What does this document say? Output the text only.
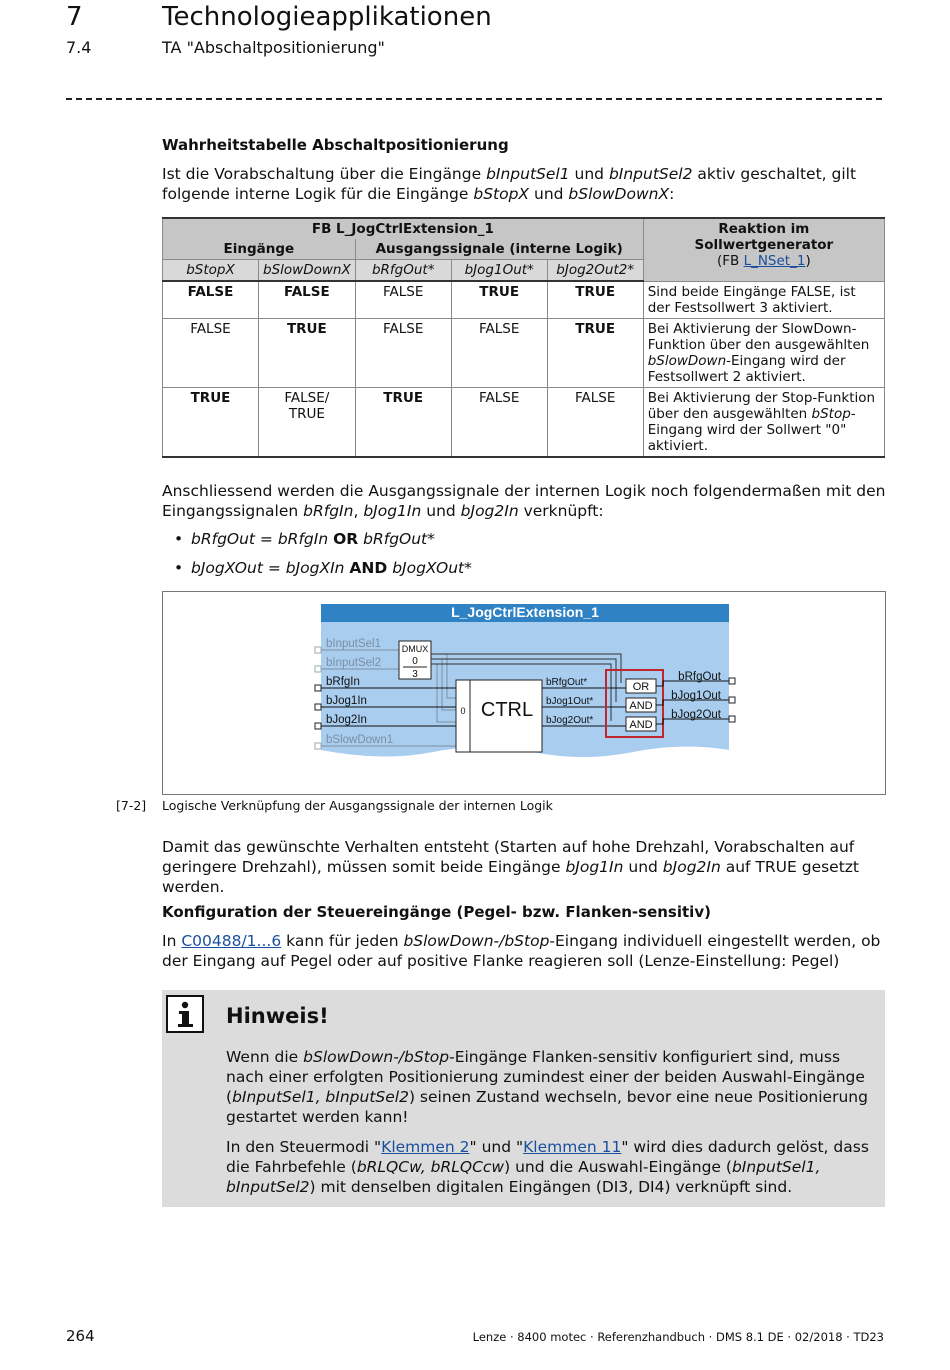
7	Technologieapplikationen
7.4	TA "Abschaltpositionierung"
Wahrheitstabelle Abschaltpositionierung
Ist die Vorabschaltung über die Eingänge bInputSel1 und bInputSel2 aktiv geschaltet, gilt folgende interne Logik für die Eingänge bStopX und bSlowDownX:
FB L_JogCtrlExtension_1					Reaktion im Sollwertgenerator
(FB L_NSet_1)

Eingänge		Ausgangssignale (interne Logik)			
bStopX	bSlowDownX	bRfgOut*	bJog1Out*	bJog2Out2*	
FALSE	FALSE	FALSE	TRUE	TRUE	Sind beide Eingänge FALSE, ist der Festsollwert 3 aktiviert.
FALSE	TRUE	FALSE	FALSE	TRUE	Bei Aktivierung der SlowDown-Funktion über den ausgewählten bSlowDown-Eingang wird der Festsollwert 2 aktiviert.
TRUE	FALSE/ TRUE	TRUE	FALSE	FALSE	Bei Aktivierung der Stop-Funktion über den ausgewählten bStop-Eingang wird der Sollwert "0" aktiviert.
Anschliessend werden die Ausgangssignale der internen Logik noch folgendermaßen mit den Eingangssignalen bRfgIn, bJog1In und bJog2In verknüpft:
• bRfgOut = bRfgIn OR bRfgOut*
• bJogXOut = bJogXIn AND bJogXOut*
L_JogCtrlExtension_1
bInputSel1
bInputSel2
bRfgIn
bJog1In
bJog2In
bSlowDown1
DMUX
0
3
0 CTRL
bRfgOut*
bJog1Out*
bJog2Out*
OR
AND
AND
bRfgOut
bJog1Out
bJog2Out
[7-2] Logische Verknüpfung der Ausgangssignale der internen Logik
Damit das gewünschte Verhalten entsteht (Starten auf hohe Drehzahl, Vorabschalten auf geringere Drehzahl), müssen somit beide Eingänge bJog1In und bJog2In auf TRUE gesetzt werden.
Konfiguration der Steuereingänge (Pegel- bzw. Flanken-sensitiv)
In C00488/1...6 kann für jeden bSlowDown-/bStop-Eingang individuell eingestellt werden, ob der Eingang auf Pegel oder auf positive Flanke reagieren soll (Lenze-Einstellung: Pegel)
Hinweis!
Wenn die bSlowDown-/bStop-Eingänge Flanken-sensitiv konfiguriert sind, muss nach einer erfolgten Positionierung zumindest einer der beiden Auswahl-Eingänge (bInputSel1, bInputSel2) seinen Zustand wechseln, bevor eine neue Positionierung gestartet werden kann!
In den Steuermodi "Klemmen 2" und "Klemmen 11" wird dies dadurch gelöst, dass die Fahrbefehle (bRLQCw, bRLQCcw) und die Auswahl-Eingänge (bInputSel1, bInputSel2) mit denselben digitalen Eingängen (DI3, DI4) verknüpft sind.
264	Lenze · 8400 motec · Referenzhandbuch · DMS 8.1 DE · 02/2018 · TD23
